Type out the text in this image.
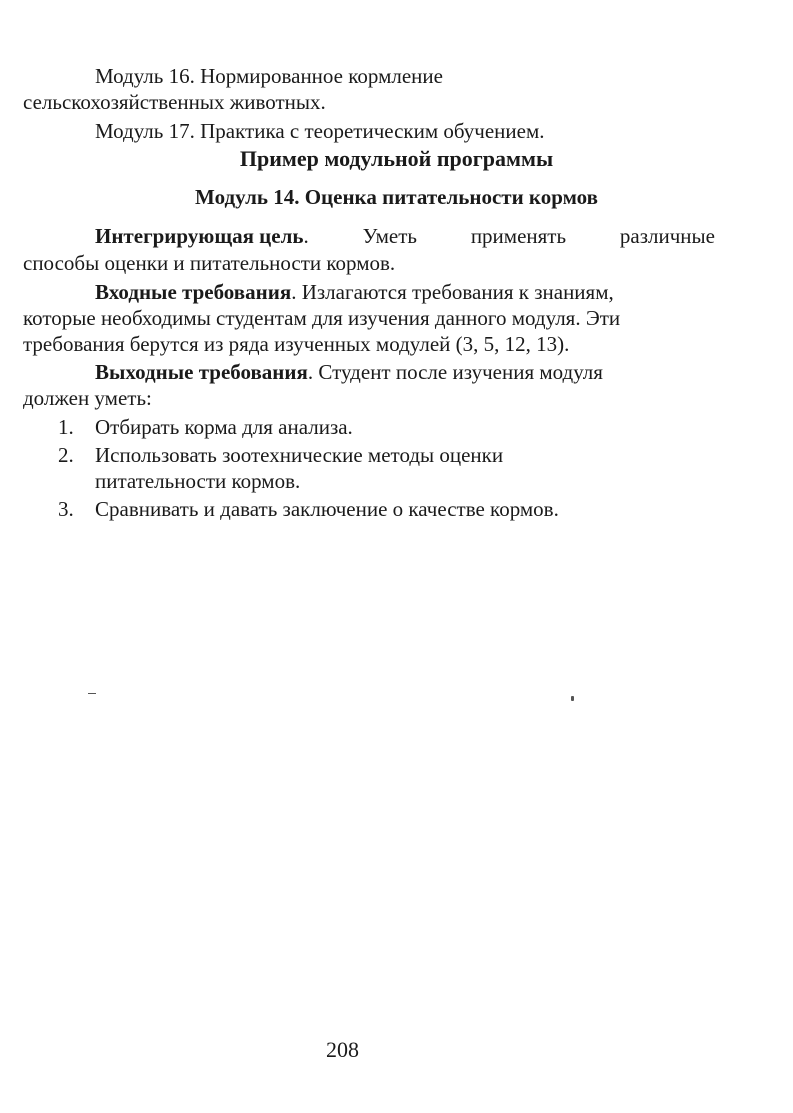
Модуль 16. Нормированное кормление
сельскохозяйственных животных.
Модуль 17. Практика с теоретическим обучением.
Пример модульной программы
Модуль 14. Оценка питательности кормов
Интегрирующая цель.	Уметь	применять	различные
способы оценки и питательности кормов.
Входные требования. Излагаются требования к знаниям,
которые необходимы студентам для изучения данного модуля. Эти
требования берутся из ряда изученных модулей (3, 5, 12, 13).
Выходные требования. Студент после изучения модуля
должен уметь:
1. Отбирать корма для анализа.
2. Использовать зоотехнические методы оценки
питательности кормов.
3. Сравнивать и давать заключение о качестве кормов.
208
